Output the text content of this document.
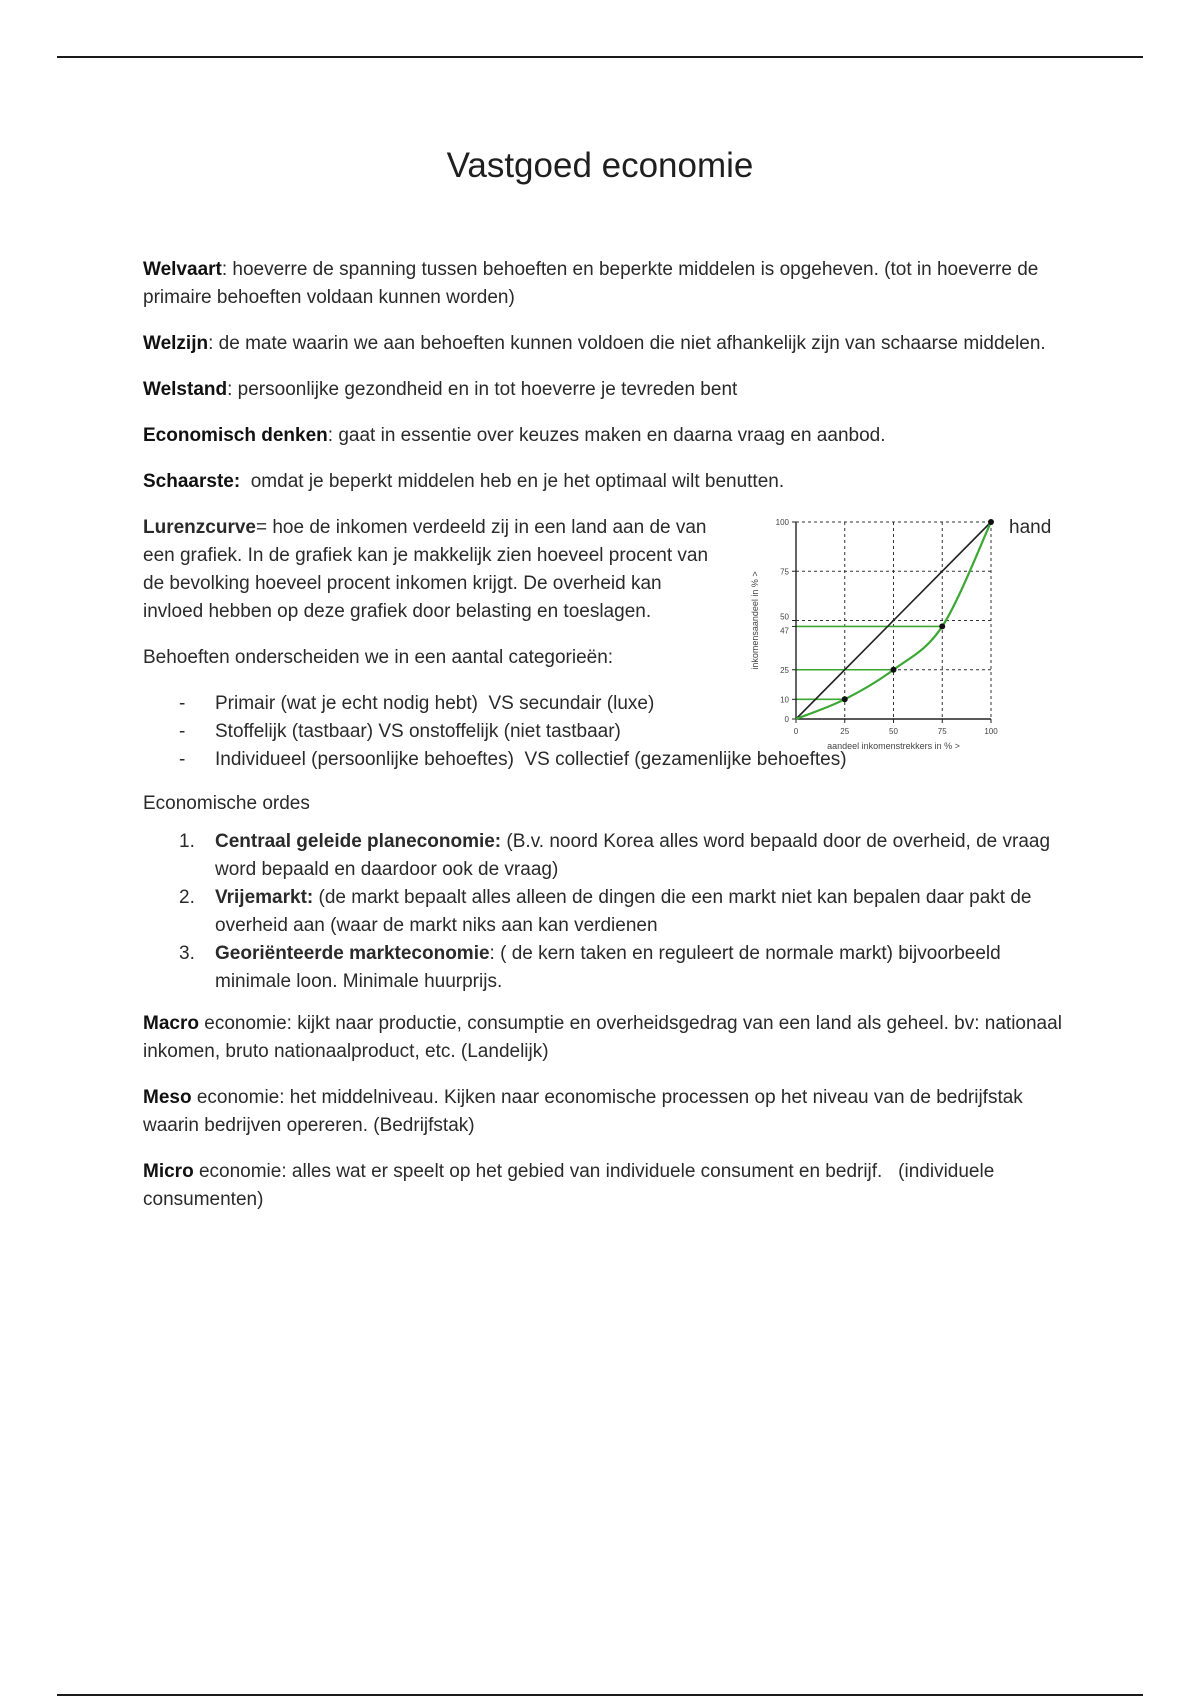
Vastgoed economie

Welvaart: hoeverre de spanning tussen behoeften en beperkte middelen is opgeheven. (tot in hoeverre de primaire behoeften voldaan kunnen worden)

Welzijn: de mate waarin we aan behoeften kunnen voldoen die niet afhankelijk zijn van schaarse middelen.

Welstand: persoonlijke gezondheid en in tot hoeverre je tevreden bent

Economisch denken: gaat in essentie over keuzes maken en daarna vraag en aanbod.

Schaarste:  omdat je beperkt middelen heb en je het optimaal wilt benutten.

Lurenzcurve= hoe de inkomen verdeeld zij in een land aan de van een grafiek. In de grafiek kan je makkelijk zien hoeveel procent van de bevolking hoeveel procent inkomen krijgt. De overheid kan invloed hebben op deze grafiek door belasting en toeslagen.

hand
0	25	50	75	100
0
10
25
47
50
75
100
aandeel inkomenstrekkers in % >
inkomensaandeel in % >

Behoeften onderscheiden we in een aantal categorieën:

- Primair (wat je echt nodig hebt)  VS secundair (luxe)
- Stoffelijk (tastbaar) VS onstoffelijk (niet tastbaar)
- Individueel (persoonlijke behoeftes)  VS collectief (gezamenlijke behoeftes)

Economische ordes

1. Centraal geleide planeconomie: (B.v. noord Korea alles word bepaald door de overheid, de vraag word bepaald en daardoor ook de vraag)
2. Vrijemarkt: (de markt bepaalt alles alleen de dingen die een markt niet kan bepalen daar pakt de overheid aan (waar de markt niks aan kan verdienen
3. Georiënteerde markteconomie: ( de kern taken en reguleert de normale markt) bijvoorbeeld minimale loon. Minimale huurprijs.

Macro economie: kijkt naar productie, consumptie en overheidsgedrag van een land als geheel. bv: nationaal inkomen, bruto nationaalproduct, etc. (Landelijk)

Meso economie: het middelniveau. Kijken naar economische processen op het niveau van de bedrijfstak waarin bedrijven opereren. (Bedrijfstak)

Micro economie: alles wat er speelt op het gebied van individuele consument en bedrijf.   (individuele consumenten)
